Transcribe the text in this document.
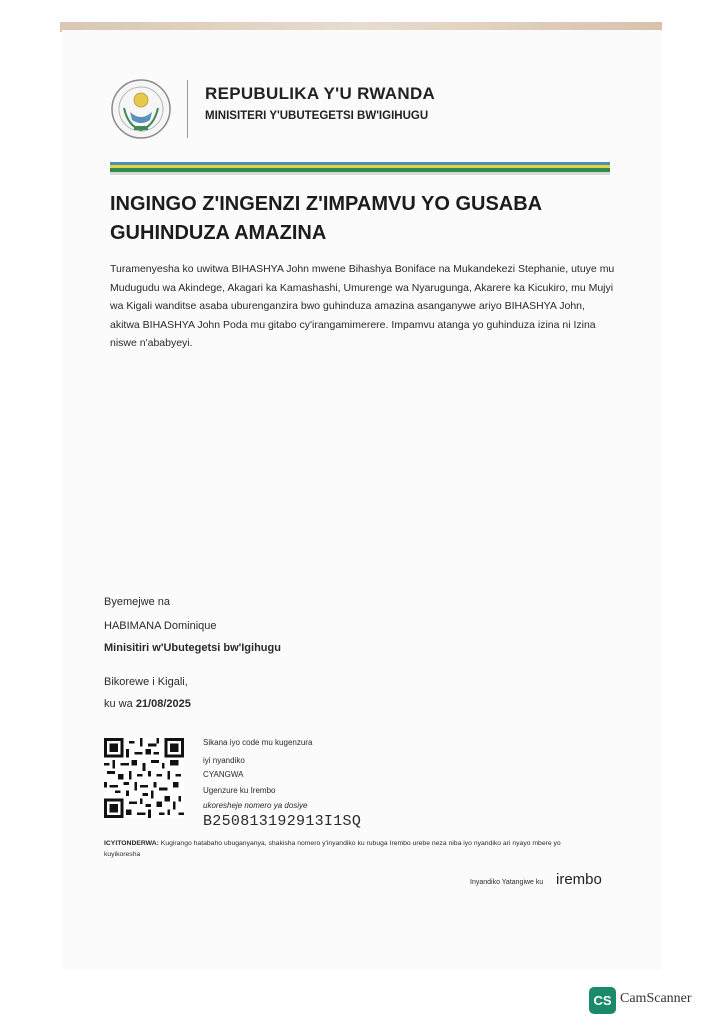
REPUBULIKA Y'U RWANDA
MINISITERI Y'UBUTEGETSI BW'IGIHUGU
INGINGO Z'INGENZI Z'IMPAMVU YO GUSABA GUHINDUZA AMAZINA
Turamenyesha ko uwitwa BIHASHYA John mwene Bihashya Boniface na Mukandekezi Stephanie, utuye mu Mudugudu wa Akindege, Akagari ka Kamashashi, Umurenge wa Nyarugunga, Akarere ka Kicukiro, mu Mujyi wa Kigali wanditse asaba uburenganzira bwo guhinduza amazina asanganywe ariyo BIHASHYA John, akitwa BIHASHYA John Poda mu gitabo cy'irangamimerere. Impamvu atanga yo guhinduza izina ni Izina niswe n'ababyeyi.
Byemejwe na
HABIMANA Dominique
Minisitiri w'Ubutegetsi bw'Igihugu
Bikorewe i Kigali,
ku wa 21/08/2025
Sikana iyo code mu kugenzura
iyi nyandiko
CYANGWA
Ugenzure ku Irembo
ukoresheje nomero ya dosiye
B250813192913I1SQ
ICYITONDERWA: Kugirango hatabaho ubuganyanya, shakisha nomero y'inyandiko ku rubuga Irembo urebe neza niba iyo nyandiko ari nyayo mbere yo kuyikoresha
Inyandiko Yatangiwe ku irembo
CS CamScanner
